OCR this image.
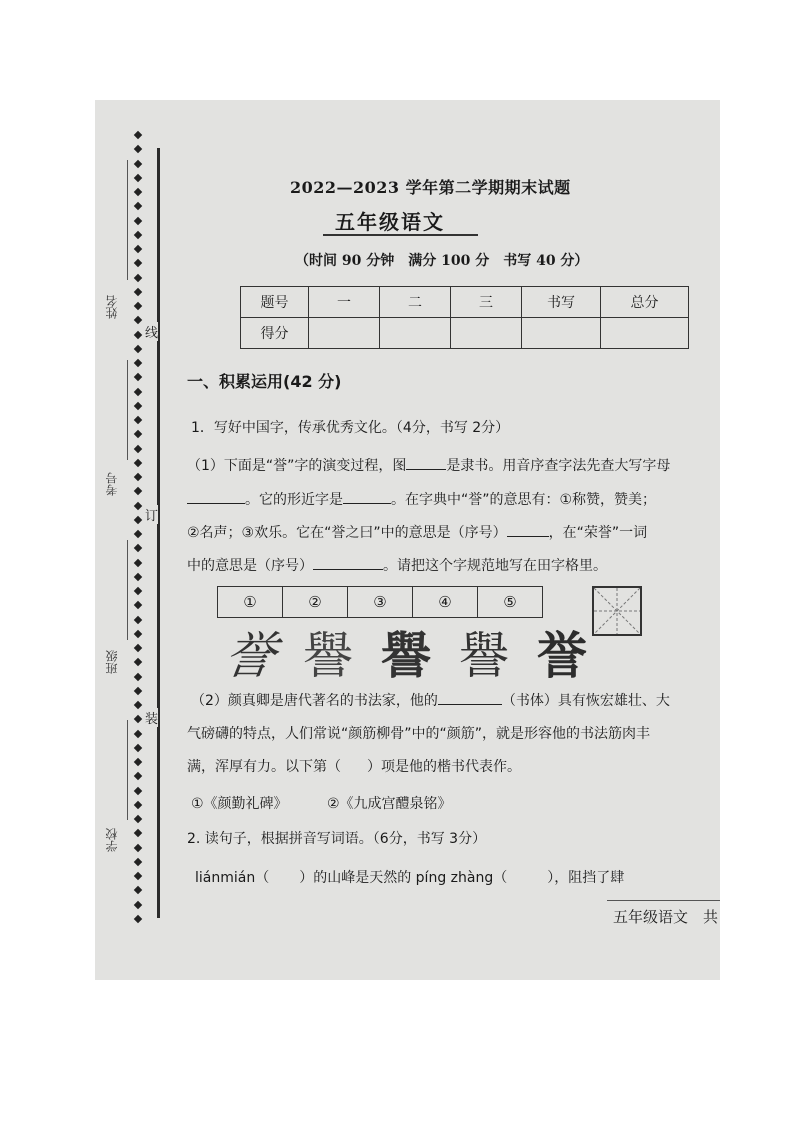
姓名
考号
班级
学校
线
订
装
2022—2023 学年第二学期期末试题
五年级语文
（时间 90 分钟　满分 100 分　书写 40 分）
题号	一	二	三	书写	总分
得分					
一、积累运用(42 分)
1．写好中国字，传承优秀文化。（4分，书写 2分）
（1）下面是“誉”字的演变过程，图	是隶书。用音序查字法先查大写字母
。它的形近字是	。在字典中“誉”的意思有：①称赞，赞美；
②名声；③欢乐。它在“誉之曰”中的意思是（序号）	，在“荣誉”一词
中的意思是（序号）	。请把这个字规范地写在田字格里。
①	②	③	④	⑤
誉 譽 譽 譽 誉
（2）颜真卿是唐代著名的书法家，他的	（书体）具有恢宏雄壮、大
气磅礴的特点，人们常说“颜筋柳骨”中的“颜筋”，就是形容他的书法筋肉丰
满，浑厚有力。以下第（ ）项是他的楷书代表作。
①《颜勤礼碑》	②《九成宫醴泉铭》
2. 读句子，根据拼音写词语。（6分，书写 3分）
liánmián（ ）的山峰是天然的 píng zhàng（	），阻挡了肆
五年级语文　共
